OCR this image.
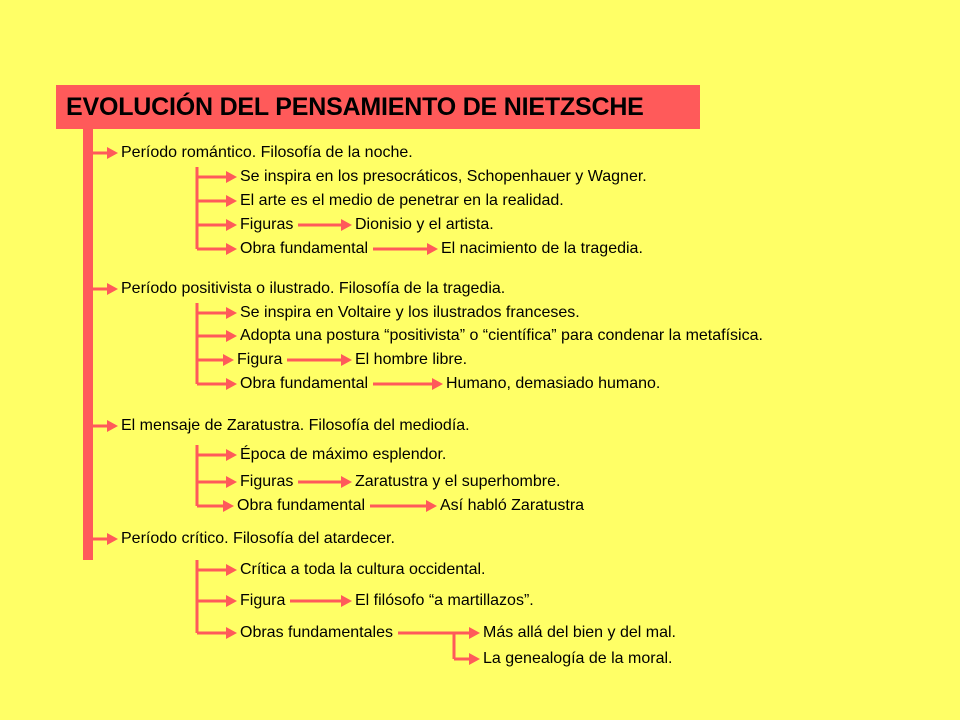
EVOLUCIÓN DEL PENSAMIENTO DE NIETZSCHE
Período romántico. Filosofía de la noche.
Se inspira en los presocráticos, Schopenhauer y Wagner.
El arte es el medio de penetrar en la realidad.
Figuras	Dionisio y el artista.
Obra fundamental	El nacimiento de la tragedia.
Período positivista o ilustrado. Filosofía de la tragedia.
Se inspira en Voltaire y los ilustrados franceses.
Adopta una postura “positivista” o “científica” para condenar la metafísica.
Figura	El hombre libre.
Obra fundamental	Humano, demasiado humano.
El mensaje de Zaratustra. Filosofía del mediodía.
Época de máximo esplendor.
Figuras	Zaratustra y el superhombre.
Obra fundamental	Así habló Zaratustra
Período crítico. Filosofía del atardecer.
Crítica a toda la cultura occidental.
Figura	El filósofo “a martillazos”.
Obras fundamentales	Más allá del bien y del mal.
La genealogía de la moral.
